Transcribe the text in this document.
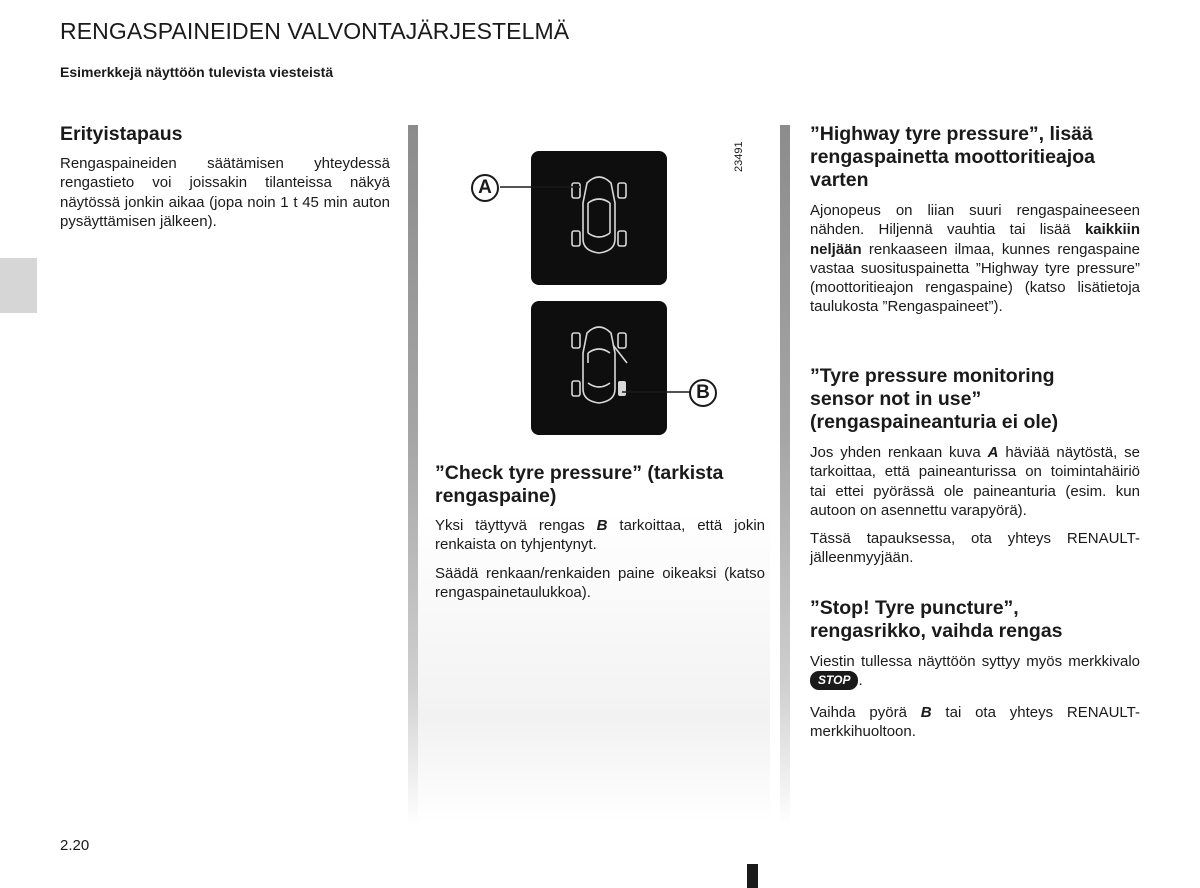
RENGASPAINEIDEN VALVONTAJÄRJESTELMÄ
Esimerkkejä näyttöön tulevista viesteistä
Erityistapaus
Rengaspaineiden säätämisen yhteydessä rengastieto voi joissakin tilanteissa näkyä näytössä jonkin aikaa (jopa noin 1 t 45 min auton pysäyttämisen jälkeen).
23491
A
B
”Check tyre pressure” (tarkista
rengaspaine)
Yksi täyttyvä rengas B tarkoittaa, että jokin renkaista on tyhjentynyt.
Säädä renkaan/renkaiden paine oikeaksi (katso rengaspainetaulukkoa).
”Highway tyre pressure”, lisää
rengaspainetta moottoritieajoa
varten
Ajonopeus on liian suuri rengaspaineeseen nähden. Hiljennä vauhtia tai lisää kaikkiin neljään renkaaseen ilmaa, kunnes rengaspaine vastaa suosituspainetta ”Highway tyre pressure” (moottoritieajon rengaspaine) (katso lisätietoja taulukosta ”Rengaspaineet”).
”Tyre pressure monitoring
sensor not in use”
(rengaspaineanturia ei ole)
Jos yhden renkaan kuva A häviää näytöstä, se tarkoittaa, että paineanturissa on toimintahäiriö tai ettei pyörässä ole paineanturia (esim. kun autoon on asennettu varapyörä).
Tässä tapauksessa, ota yhteys RENAULT-jälleenmyyjään.
”Stop! Tyre puncture”,
rengasrikko, vaihda rengas
Viestin tullessa näyttöön syttyy myös merkkivalo STOP .
Vaihda pyörä B tai ota yhteys RENAULT-merkkihuoltoon.
2.20
